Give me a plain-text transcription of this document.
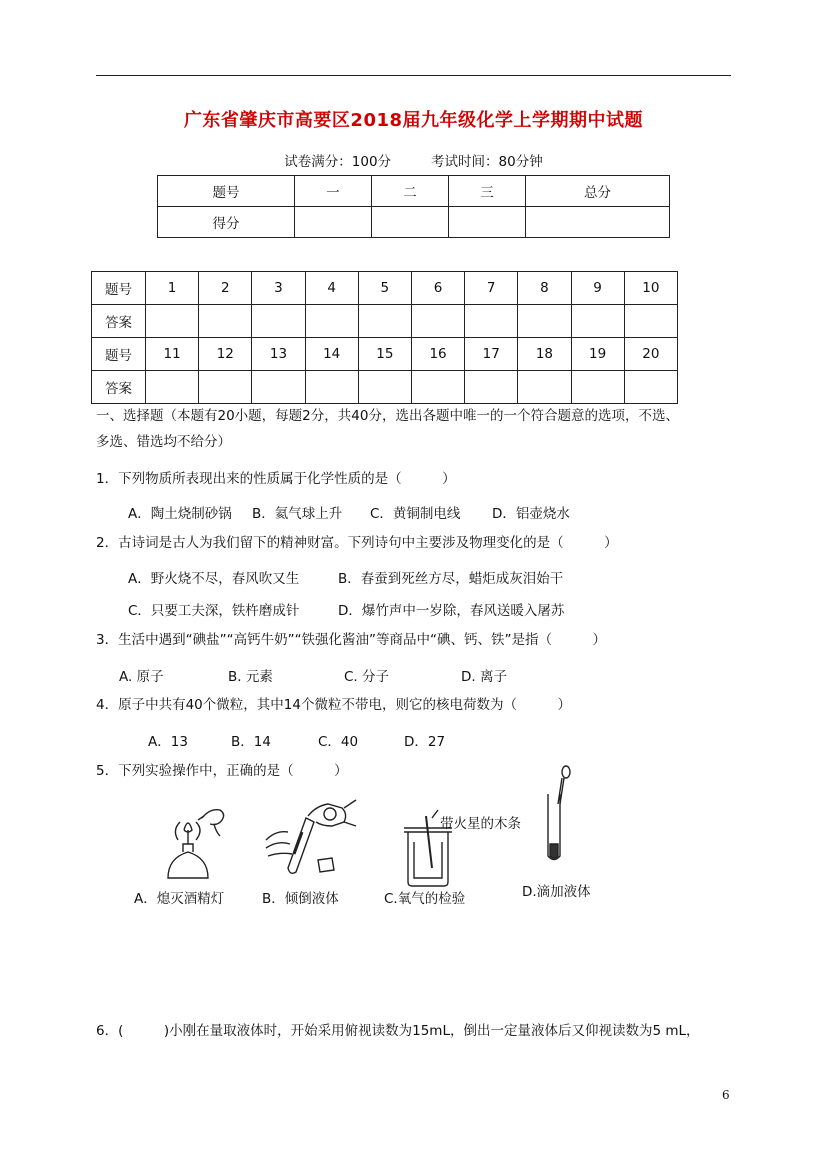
广东省肇庆市高要区2018届九年级化学上学期期中试题
试卷满分：100分	考试时间：80分钟
题号	一	二	三	总分
得分				
题号	1	2	3	4	5	6	7	8	9	10
答案										
题号	11	12	13	14	15	16	17	18	19	20
答案										
一、选择题（本题有20小题，每题2分，共40分，选出各题中唯一的一个符合题意的选项，不选、
多选、错选均不给分）
1．下列物质所表现出来的性质属于化学性质的是（　　　）
A．陶土烧制砂锅 B．氦气球上升 C．黄铜制电线 D．铝壶烧水
2．古诗词是古人为我们留下的精神财富。下列诗句中主要涉及物理变化的是（　　　）
A．野火烧不尽，春风吹又生	B．春蚕到死丝方尽，蜡炬成灰泪始干
C．只要工夫深，铁杵磨成针	D．爆竹声中一岁除，春风送暖入屠苏
3．生活中遇到“碘盐”“高钙牛奶”“铁强化酱油”等商品中“碘、钙、铁”是指（　　　）
A. 原子	B. 元素	C. 分子	D. 离子
4．原子中共有40个微粒，其中14个微粒不带电，则它的核电荷数为（　　　）
A．13	B．14	C．40	D．27
5．下列实验操作中，正确的是（　　　）
A．熄灭酒精灯	B．倾倒液体
带火星的木条
C.氧气的检验	D.滴加液体
6．(　　　)小刚在量取液体时，开始采用俯视读数为15mL，倒出一定量液体后又仰视读数为5 mL，
6
